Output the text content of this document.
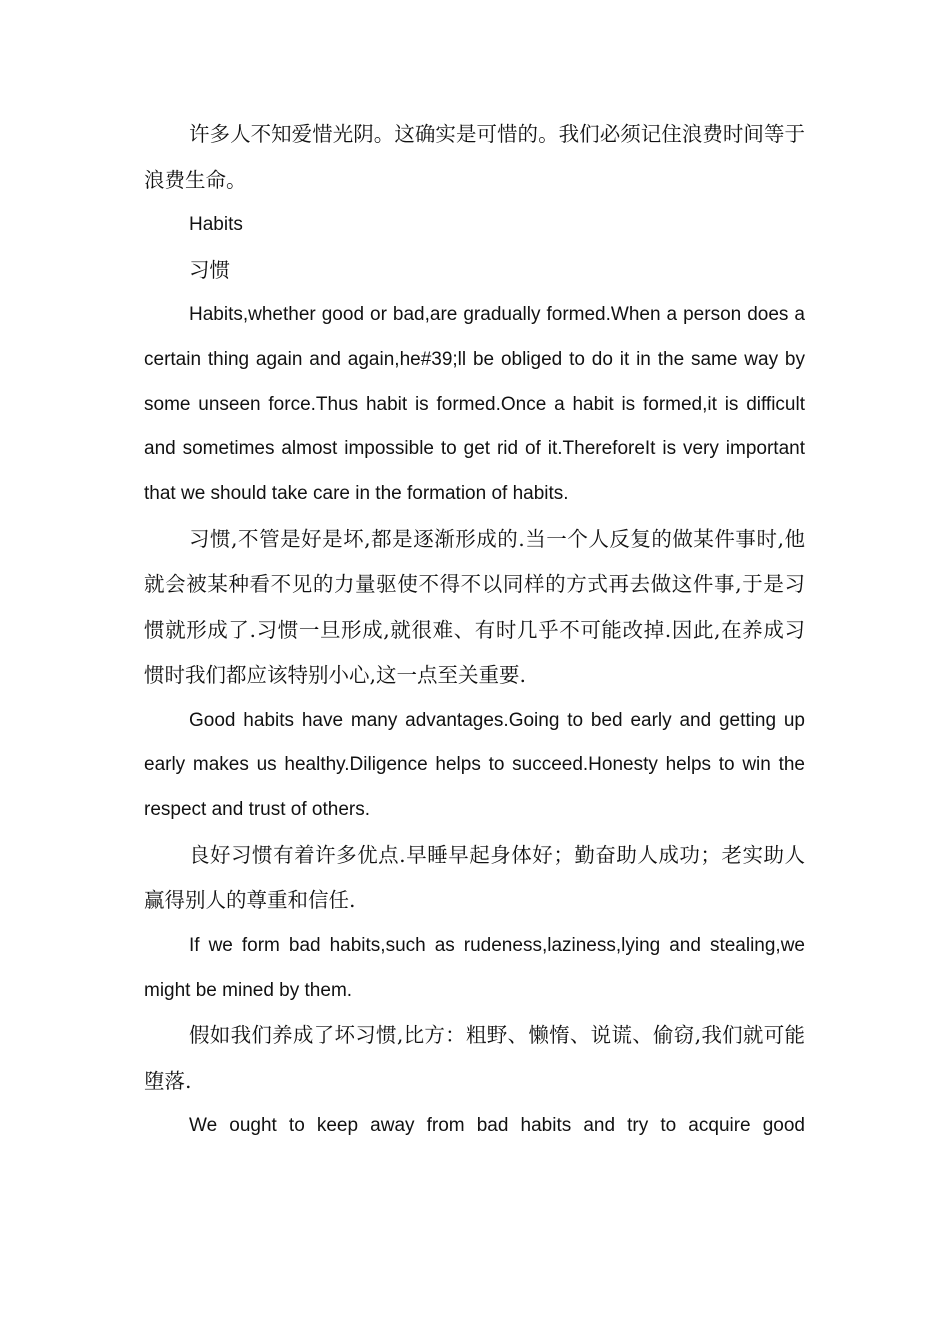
许多人不知爱惜光阴。这确实是可惜的。我们必须记住浪费时间等于浪费生命。

Habits

习惯

Habits,whether good or bad,are gradually formed.When a person does a certain thing again and again,he#39;ll be obliged to do it in the same way by some unseen force.Thus habit is formed.Once a habit is formed,it is difficult and sometimes almost impossible to get rid of it.ThereforeIt is very important that we should take care in the formation of habits.

习惯,不管是好是坏,都是逐渐形成的.当一个人反复的做某件事时,他就会被某种看不见的力量驱使不得不以同样的方式再去做这件事,于是习惯就形成了.习惯一旦形成,就很难、有时几乎不可能改掉.因此,在养成习惯时我们都应该特别小心,这一点至关重要.

Good habits have many advantages.Going to bed early and getting up early makes us healthy.Diligence helps to succeed.Honesty helps to win the respect and trust of others.

良好习惯有着许多优点.早睡早起身体好；勤奋助人成功；老实助人赢得别人的尊重和信任.

If we form bad habits,such as rudeness,laziness,lying and stealing,we might be mined by them.

假如我们养成了坏习惯,比方：粗野、懒惰、说谎、偷窃,我们就可能堕落.

We ought to keep away from bad habits and try to acquire good
